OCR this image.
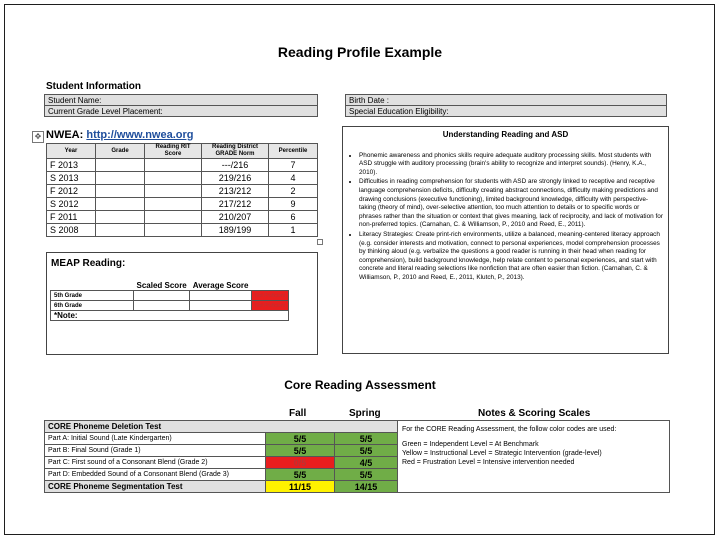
Reading Profile Example
Student Information
Student Name:
Current Grade Level Placement:
Birth Date :
Special Education Eligibility:
✥ NWEA: http://www.nwea.org
Year	Grade	Reading RIT Score	Reading District GRADE Norm	Percentile
F 2013			---/216	7
S 2013			219/216	4
F 2012			213/212	2
S 2012			217/212	9
F 2011			210/207	6
S 2008			189/199	1
Understanding Reading and ASD
• Phonemic awareness and phonics skills require adequate auditory processing skills. Most students with ASD struggle with auditory processing (brain's ability to recognize and interpret sounds). (Henry, K.A., 2010).
• Difficulties in reading comprehension for students with ASD are strongly linked to receptive and receptive language comprehension deficits, difficulty creating abstract connections, difficulty making predictions and drawing conclusions (executive functioning), limited background knowledge, difficulty with perspective-taking (theory of mind), over-selective attention, too much attention to details or to specific words or phrases rather than the situation or context that gives meaning, lack of reciprocity, and lack of motivation for non-preferred topics. (Carnahan, C. & Williamson, P., 2010 and Reed, E., 2011).
• Literacy Strategies: Create print-rich environments, utilize a balanced, meaning-centered literacy approach (e.g. consider interests and motivation, connect to personal experiences, model comprehension processes by thinking aloud (e.g. verbalize the questions a good reader is running in their head when reading for comprehension), build background knowledge, help relate content to personal experiences, and start with concrete and literal reading selections like nonfiction that are often easier than fiction. (Carnahan, C. & Williamson, P., 2010 and Reed, E., 2011, Klutch, P., 2013).
MEAP Reading:
	Scaled Score	Average Score	
5th Grade			Not Proficient
6th Grade			Not Proficient
*Note:			
Core Reading Assessment
Fall	Spring	Notes & Scoring Scales
CORE Phoneme Deletion Test			For the CORE Reading Assessment, the follow color codes are used:
Green = Independent Level = At Benchmark
Yellow = Instructional Level = Strategic Intervention (grade-level)
Red = Frustration Level = Intensive intervention needed

Part A: Initial Sound (Late Kindergarten)	5/5	5/5	
Part B: Final Sound (Grade 1)	5/5	5/5	
Part C: First sound of a Consonant Blend (Grade 2)	0/5	4/5	
Part D: Embedded Sound of a Consonant Blend (Grade 3)	5/5	5/5	
CORE Phoneme Segmentation Test	11/15	14/15	
